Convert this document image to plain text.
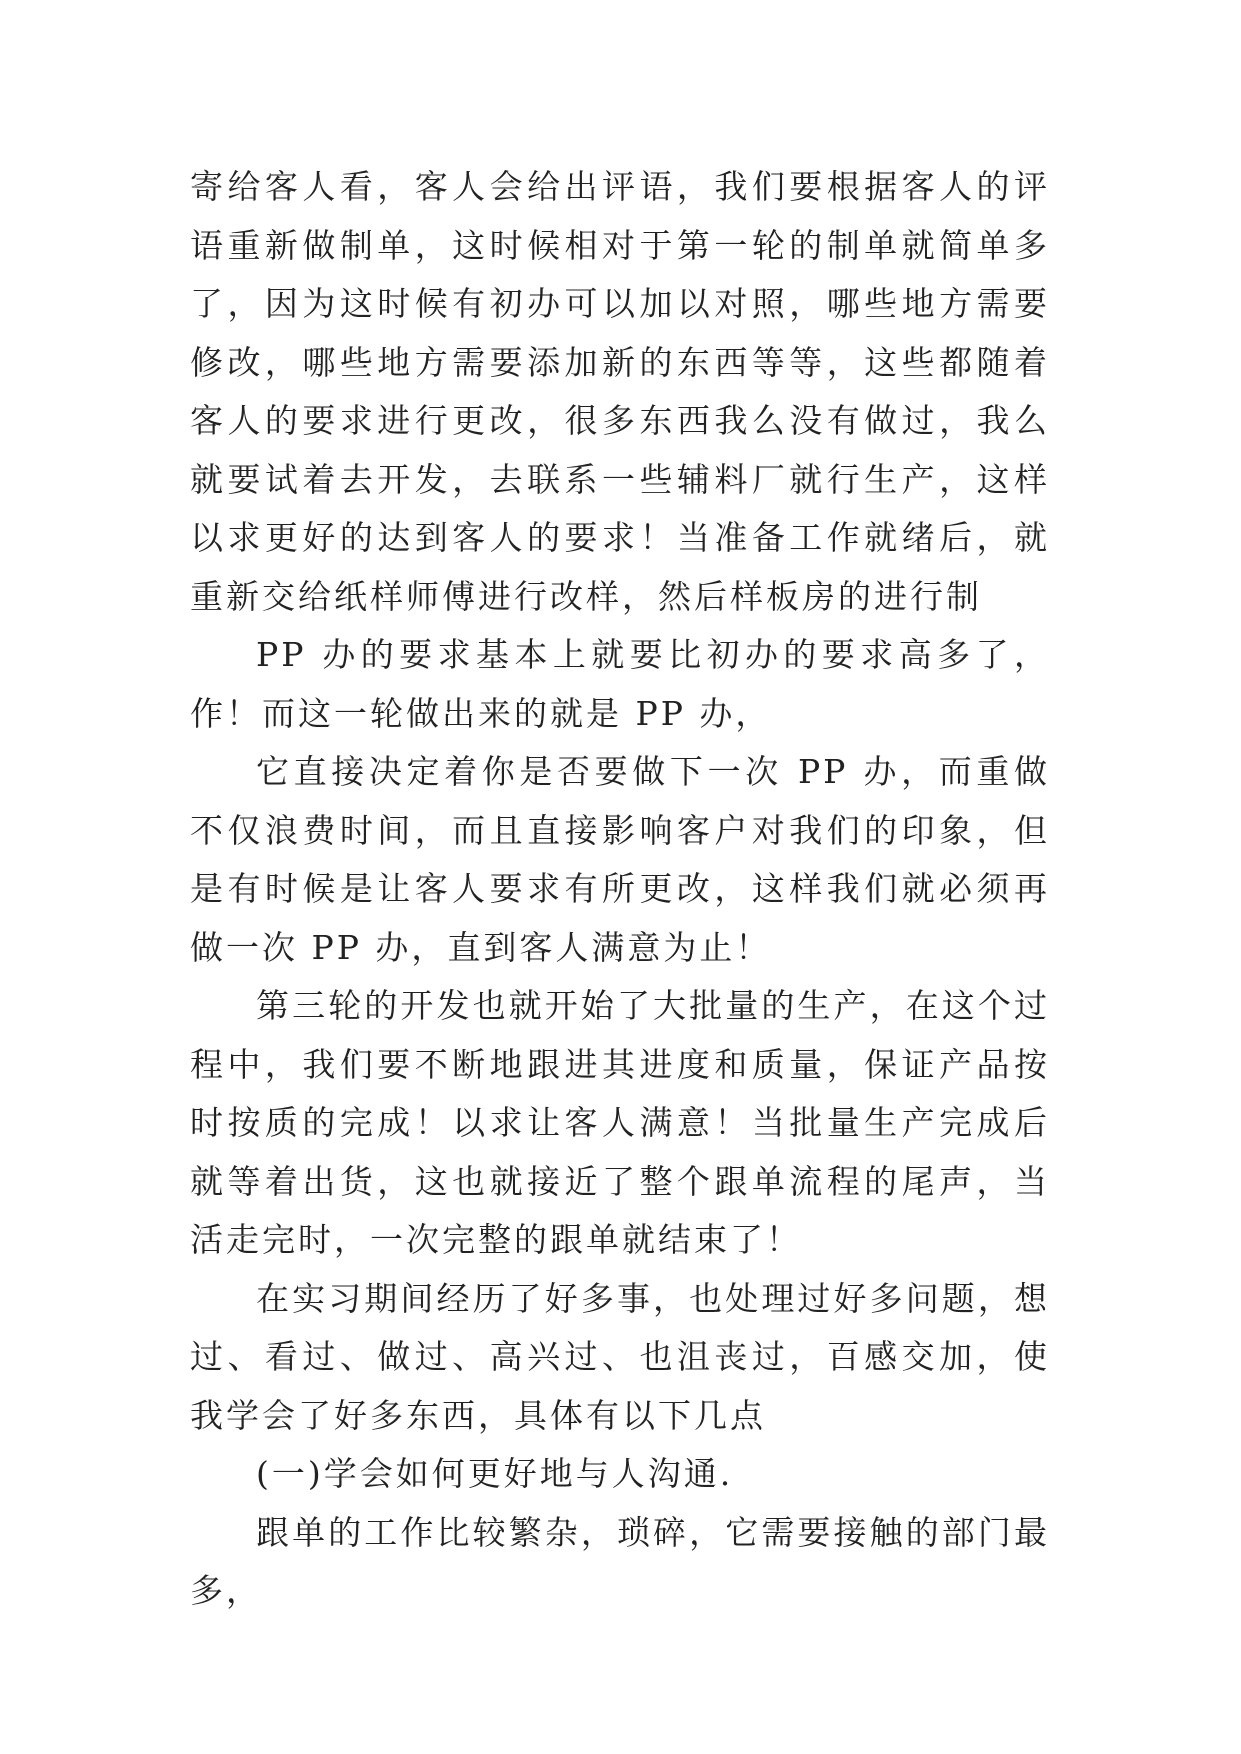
寄给客人看，客人会给出评语，我们要根据客人的评语重新做制单，这时候相对于第一轮的制单就简单多了，因为这时候有初办可以加以对照，哪些地方需要修改，哪些地方需要添加新的东西等等，这些都随着客人的要求进行更改，很多东西我么没有做过，我么就要试着去开发，去联系一些辅料厂就行生产，这样以求更好的达到客人的要求！当准备工作就绪后，就重新交给纸样师傅进行改样，然后样板房的进行制

PP 办的要求基本上就要比初办的要求高多了，作！而这一轮做出来的就是 PP 办，

它直接决定着你是否要做下一次 PP 办，而重做不仅浪费时间，而且直接影响客户对我们的印象，但是有时候是让客人要求有所更改，这样我们就必须再做一次 PP 办，直到客人满意为止！

第三轮的开发也就开始了大批量的生产，在这个过程中，我们要不断地跟进其进度和质量，保证产品按时按质的完成！以求让客人满意！当批量生产完成后就等着出货，这也就接近了整个跟单流程的尾声，当活走完时，一次完整的跟单就结束了！

在实习期间经历了好多事，也处理过好多问题，想过、看过、做过、高兴过、也沮丧过，百感交加，使我学会了好多东西，具体有以下几点

(一)学会如何更好地与人沟通.

跟单的工作比较繁杂，琐碎，它需要接触的部门最多，
